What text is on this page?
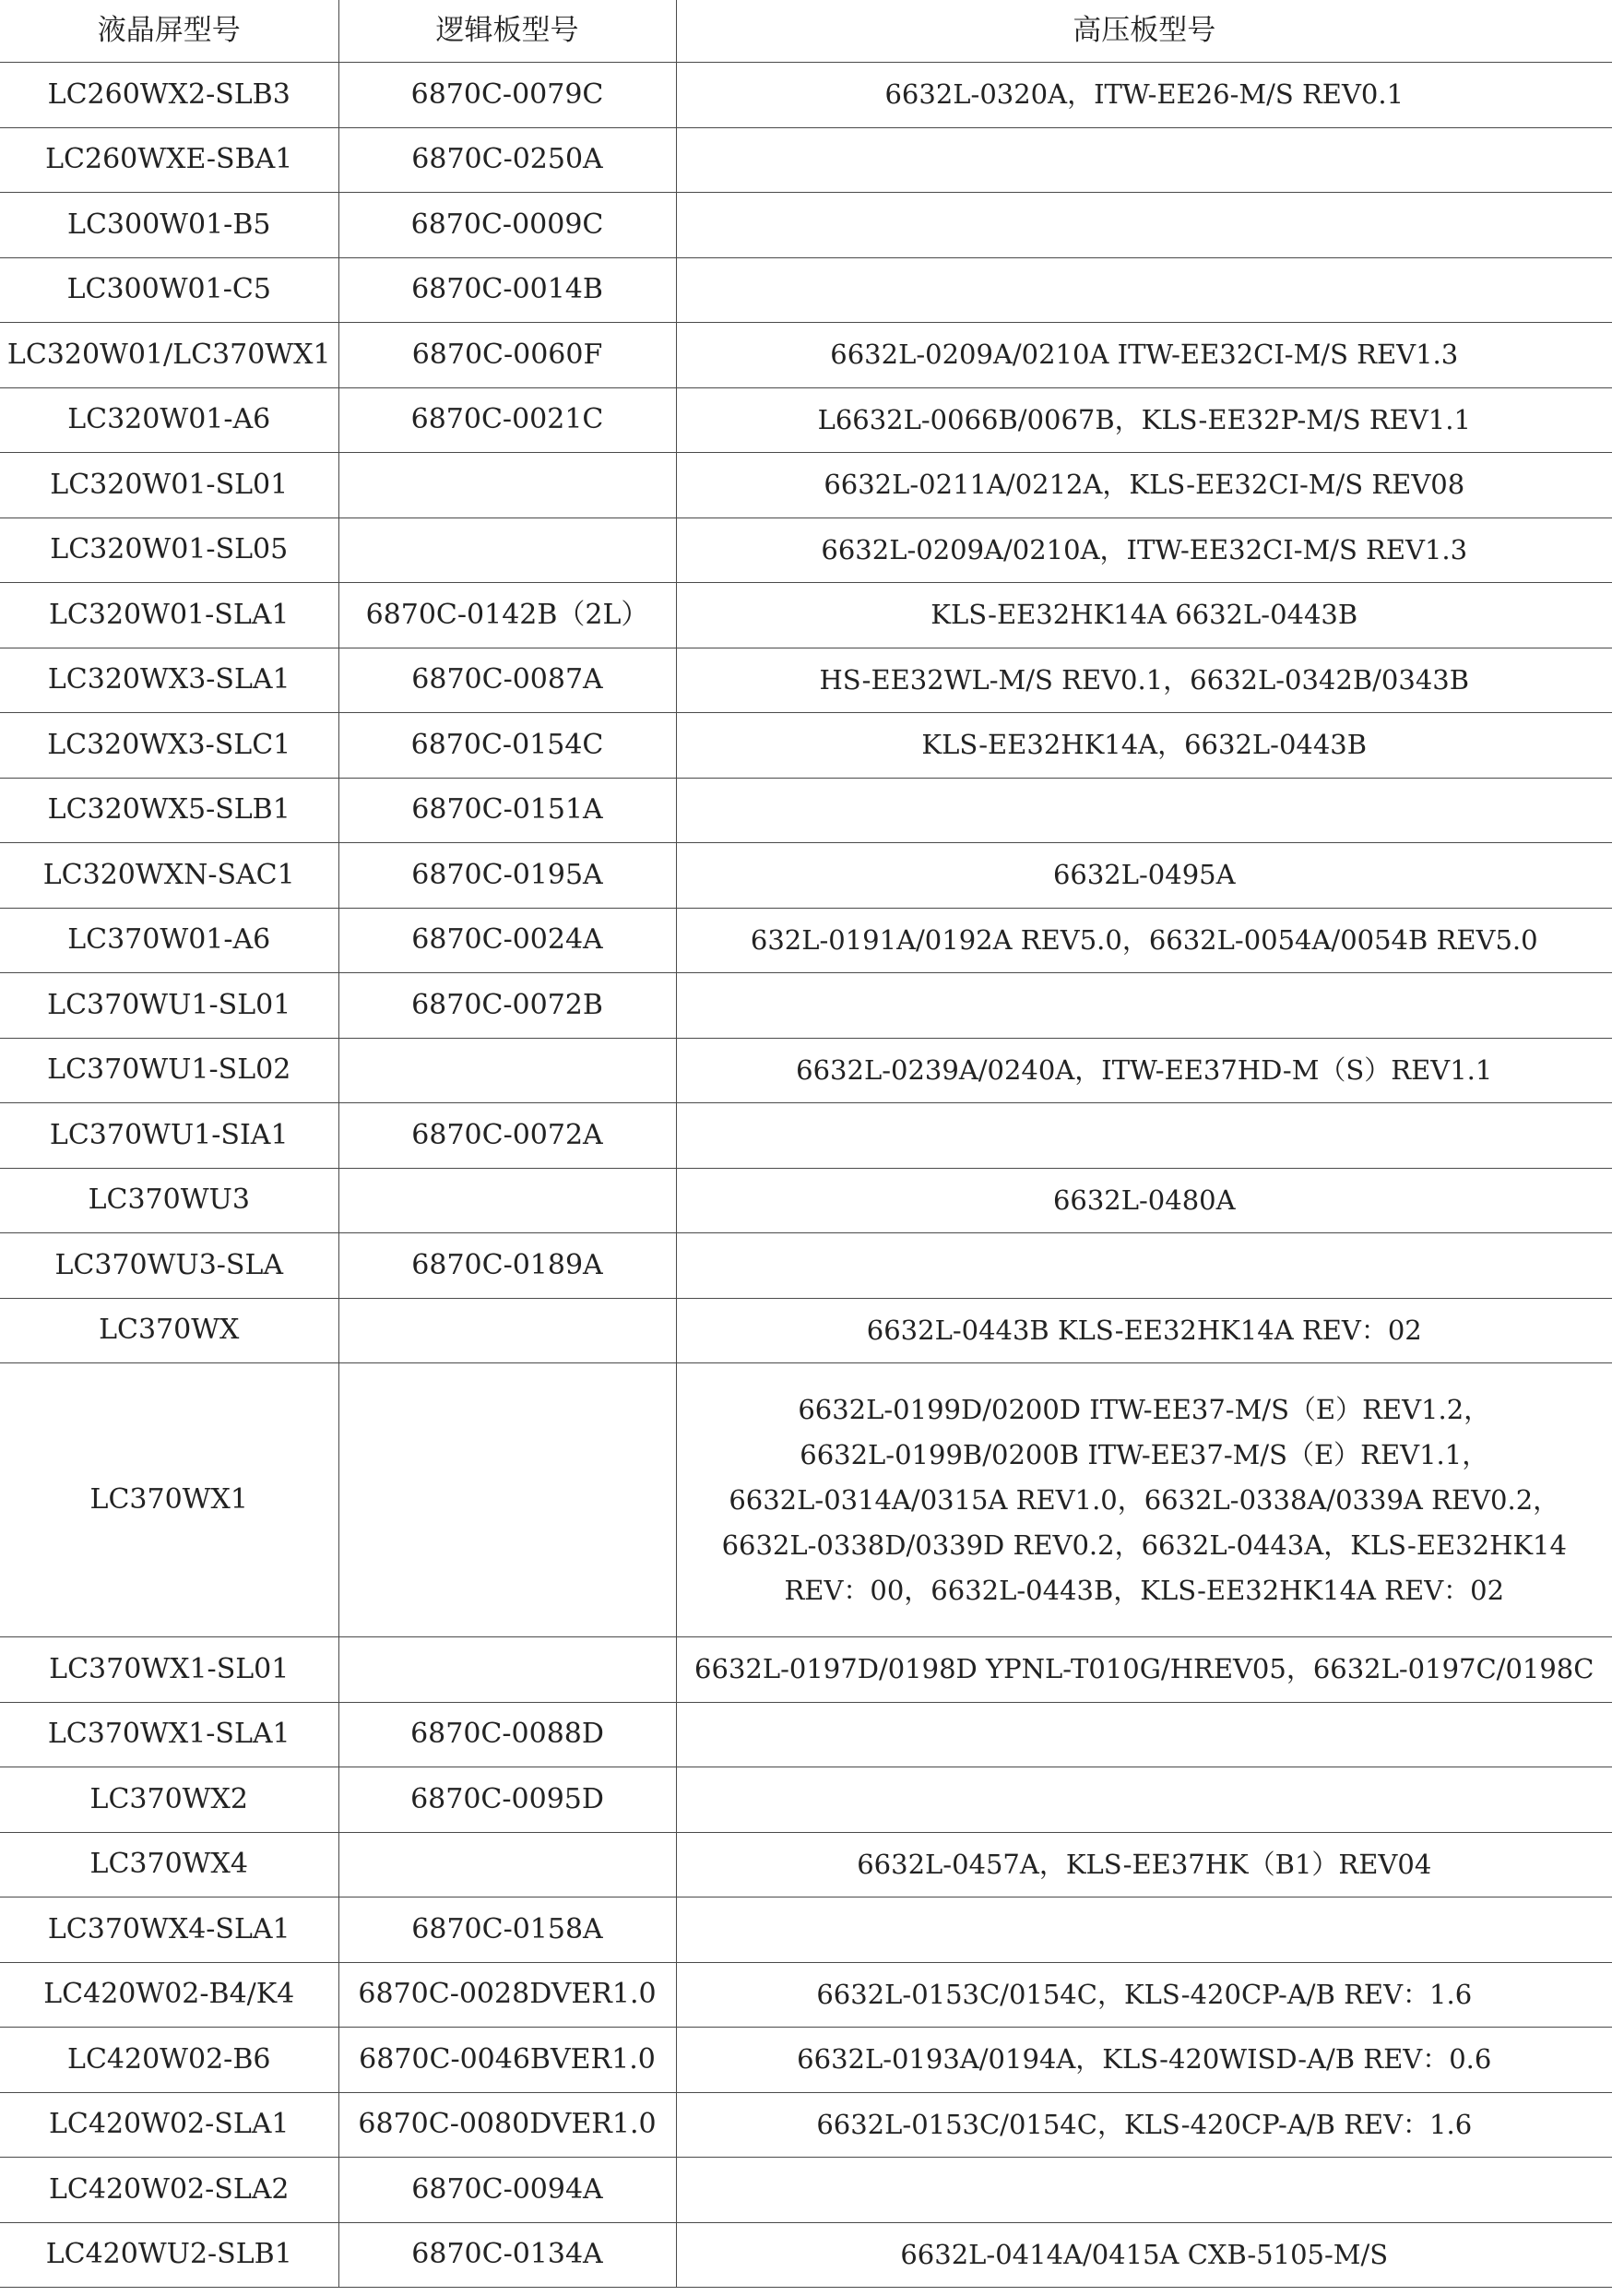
液晶屏型号	逻辑板型号	高压板型号
LC260WX2-SLB3	6870C-0079C	6632L-0320A，ITW-EE26-M/S REV0.1
LC260WXE-SBA1	6870C-0250A	
LC300W01-B5	6870C-0009C	
LC300W01-C5	6870C-0014B	
LC320W01/LC370WX1	6870C-0060F	6632L-0209A/0210A ITW-EE32CI-M/S REV1.3
LC320W01-A6	6870C-0021C	L6632L-0066B/0067B，KLS-EE32P-M/S REV1.1
LC320W01-SL01		6632L-0211A/0212A，KLS-EE32CI-M/S REV08
LC320W01-SL05		6632L-0209A/0210A，ITW-EE32CI-M/S REV1.3
LC320W01-SLA1	6870C-0142B（2L）	KLS-EE32HK14A 6632L-0443B
LC320WX3-SLA1	6870C-0087A	HS-EE32WL-M/S REV0.1，6632L-0342B/0343B
LC320WX3-SLC1	6870C-0154C	KLS-EE32HK14A，6632L-0443B
LC320WX5-SLB1	6870C-0151A	
LC320WXN-SAC1	6870C-0195A	6632L-0495A
LC370W01-A6	6870C-0024A	632L-0191A/0192A REV5.0，6632L-0054A/0054B REV5.0
LC370WU1-SL01	6870C-0072B	
LC370WU1-SL02		6632L-0239A/0240A，ITW-EE37HD-M（S）REV1.1
LC370WU1-SIA1	6870C-0072A	
LC370WU3		6632L-0480A
LC370WU3-SLA	6870C-0189A	
LC370WX		6632L-0443B KLS-EE32HK14A REV：02
LC370WX1		6632L-0199D/0200D ITW-EE37-M/S（E）REV1.2，
6632L-0199B/0200B ITW-EE37-M/S（E）REV1.1，
6632L-0314A/0315A REV1.0，6632L-0338A/0339A REV0.2，
6632L-0338D/0339D REV0.2，6632L-0443A，KLS-EE32HK14
REV：00，6632L-0443B，KLS-EE32HK14A REV：02

LC370WX1-SL01		6632L-0197D/0198D YPNL-T010G/HREV05，6632L-0197C/0198C
LC370WX1-SLA1	6870C-0088D	
LC370WX2	6870C-0095D	
LC370WX4		6632L-0457A，KLS-EE37HK（B1）REV04
LC370WX4-SLA1	6870C-0158A	
LC420W02-B4/K4	6870C-0028DVER1.0	6632L-0153C/0154C，KLS-420CP-A/B REV：1.6
LC420W02-B6	6870C-0046BVER1.0	6632L-0193A/0194A，KLS-420WISD-A/B REV：0.6
LC420W02-SLA1	6870C-0080DVER1.0	6632L-0153C/0154C，KLS-420CP-A/B REV：1.6
LC420W02-SLA2	6870C-0094A	
LC420WU2-SLB1	6870C-0134A	6632L-0414A/0415A CXB-5105-M/S
